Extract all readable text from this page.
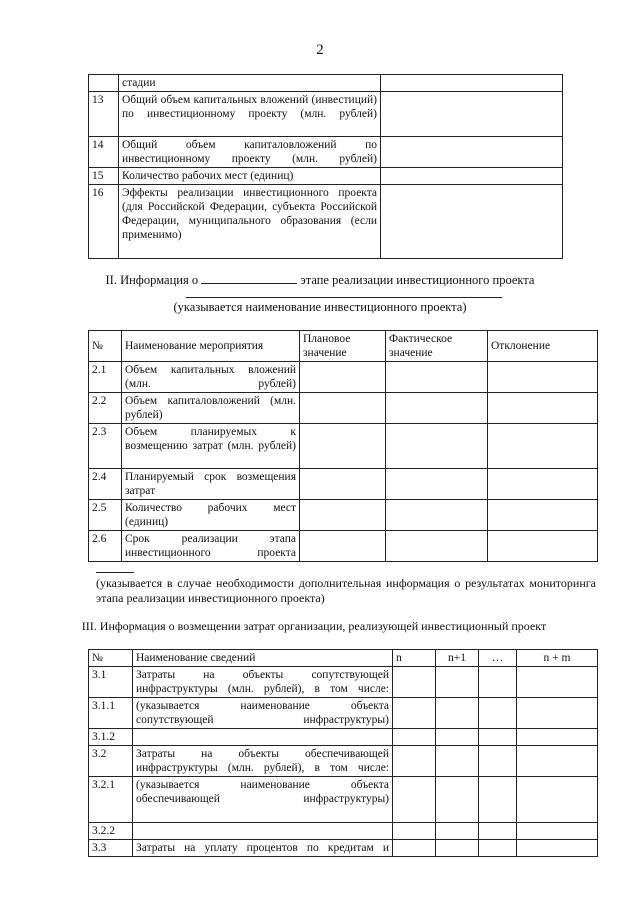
2
	стадии	
13	Общий объем капитальных вложений (инвестиций) по инвестиционному проекту (млн. рублей)	
14	Общий объем капиталовложений по инвестиционному проекту (млн. рублей)	
15	Количество рабочих мест (единиц)	
16	Эффекты реализации инвестиционного проекта (для Российской Федерации, субъекта Российской Федерации, муниципального образования (если применимо)	
II. Информация о	этапе реализации инвестиционного проекта
(указывается наименование инвестиционного проекта)
№	Наименование мероприятия	Плановое значение	Фактическое значение	Отклонение
2.1	Объем капитальных вложений (млн. рублей)			
2.2	Объем капиталовложений (млн. рублей)			
2.3	Объем планируемых к возмещению затрат (млн. рублей)			
2.4	Планируемый срок возмещения затрат			
2.5	Количество рабочих мест (единиц)			
2.6	Срок реализации этапа инвестиционного проекта			
(указывается в случае необходимости дополнительная информация о результатах мониторинга этапа реализации инвестиционного проекта)
III. Информация о возмещении затрат организации, реализующей инвестиционный проект
№	Наименование сведений	n	n+1	…	n + m
3.1	Затраты на объекты сопутствующей инфраструктуры (млн. рублей), в том числе:				
3.1.1	(указывается наименование объекта сопутствующей инфраструктуры)				
3.1.2					
3.2	Затраты на объекты обеспечивающей инфраструктуры (млн. рублей), в том числе:				
3.2.1	(указывается наименование объекта обеспечивающей инфраструктуры)				
3.2.2					
3.3	Затраты на уплату процентов по кредитам и				
